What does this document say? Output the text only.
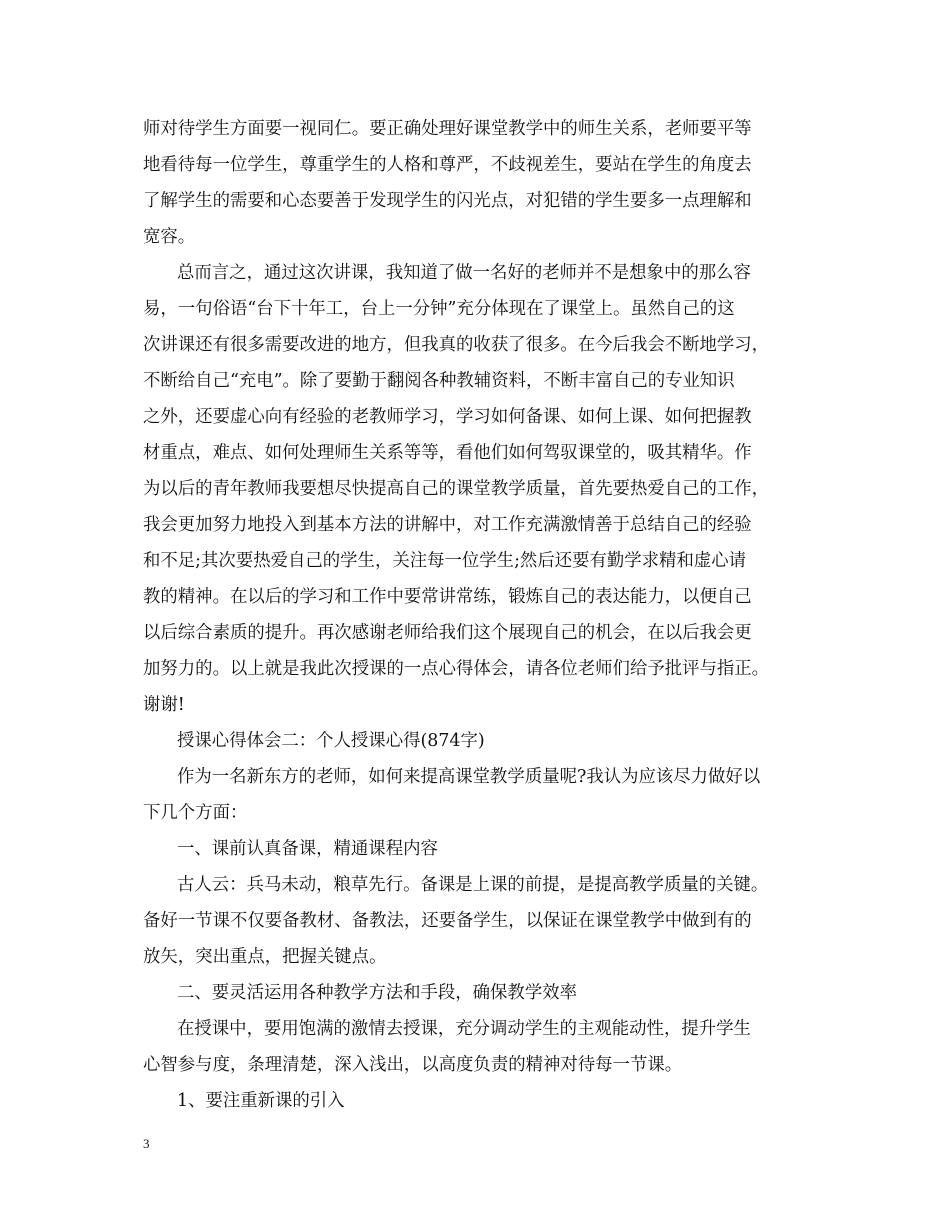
师对待学生方面要一视同仁。要正确处理好课堂教学中的师生关系，老师要平等
地看待每一位学生，尊重学生的人格和尊严，不歧视差生，要站在学生的角度去
了解学生的需要和心态要善于发现学生的闪光点，对犯错的学生要多一点理解和
宽容。
总而言之，通过这次讲课，我知道了做一名好的老师并不是想象中的那么容
易，一句俗语“台下十年工，台上一分钟”充分体现在了课堂上。虽然自己的这
次讲课还有很多需要改进的地方，但我真的收获了很多。在今后我会不断地学习，
不断给自己“充电”。除了要勤于翻阅各种教辅资料，不断丰富自己的专业知识
之外，还要虚心向有经验的老教师学习，学习如何备课、如何上课、如何把握教
材重点，难点、如何处理师生关系等等，看他们如何驾驭课堂的，吸其精华。作
为以后的青年教师我要想尽快提高自己的课堂教学质量，首先要热爱自己的工作，
我会更加努力地投入到基本方法的讲解中，对工作充满激情善于总结自己的经验
和不足;其次要热爱自己的学生，关注每一位学生;然后还要有勤学求精和虚心请
教的精神。在以后的学习和工作中要常讲常练，锻炼自己的表达能力，以便自己
以后综合素质的提升。再次感谢老师给我们这个展现自己的机会，在以后我会更
加努力的。以上就是我此次授课的一点心得体会，请各位老师们给予批评与指正。
谢谢!
授课心得体会二：个人授课心得(874字)
作为一名新东方的老师，如何来提高课堂教学质量呢?我认为应该尽力做好以
下几个方面：
一、课前认真备课，精通课程内容
古人云：兵马未动，粮草先行。备课是上课的前提，是提高教学质量的关键。
备好一节课不仅要备教材、备教法，还要备学生，以保证在课堂教学中做到有的
放矢，突出重点，把握关键点。
二、要灵活运用各种教学方法和手段，确保教学效率
在授课中，要用饱满的激情去授课，充分调动学生的主观能动性，提升学生
心智参与度，条理清楚，深入浅出，以高度负责的精神对待每一节课。
1、要注重新课的引入
3
